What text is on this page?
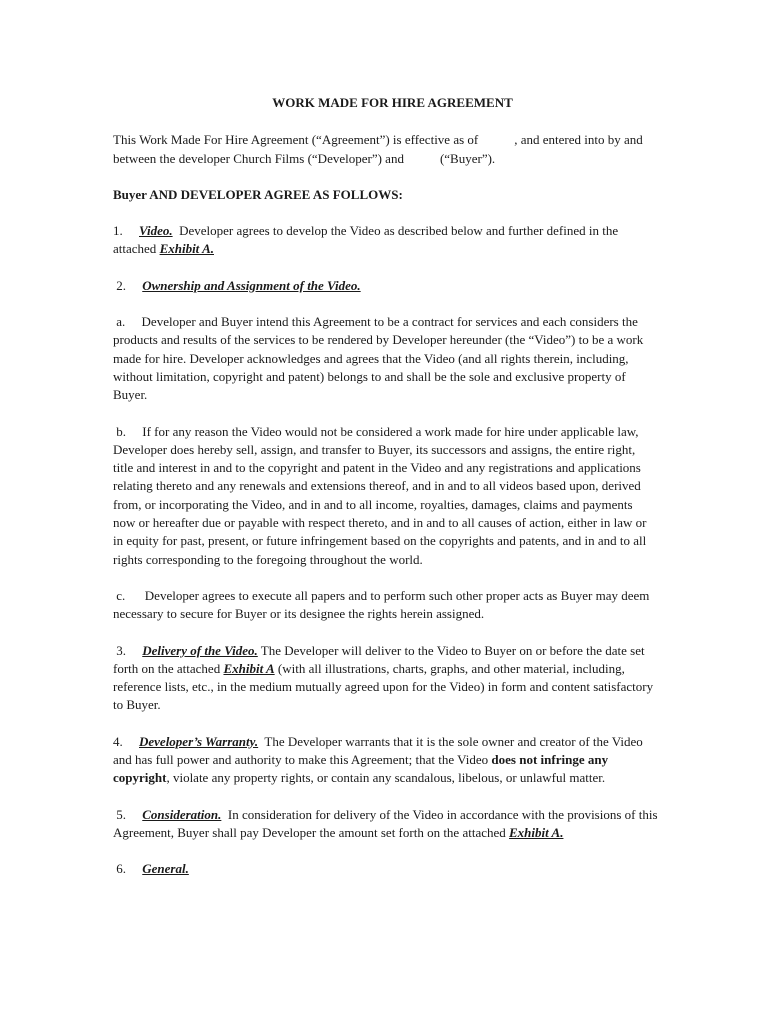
WORK MADE FOR HIRE AGREEMENT

This Work Made For Hire Agreement (“Agreement”) is effective as of	, and entered into by and between the developer Church Films (“Developer”) and	(“Buyer”).

Buyer AND DEVELOPER AGREE AS FOLLOWS:

1. Video. Developer agrees to develop the Video as described below and further defined in the attached Exhibit A.

2. Ownership and Assignment of the Video.

a. Developer and Buyer intend this Agreement to be a contract for services and each considers the products and results of the services to be rendered by Developer hereunder (the “Video”) to be a work made for hire. Developer acknowledges and agrees that the Video (and all rights therein, including, without limitation, copyright and patent) belongs to and shall be the sole and exclusive property of Buyer.

b. If for any reason the Video would not be considered a work made for hire under applicable law, Developer does hereby sell, assign, and transfer to Buyer, its successors and assigns, the entire right, title and interest in and to the copyright and patent in the Video and any registrations and applications relating thereto and any renewals and extensions thereof, and in and to all videos based upon, derived from, or incorporating the Video, and in and to all income, royalties, damages, claims and payments now or hereafter due or payable with respect thereto, and in and to all causes of action, either in law or in equity for past, present, or future infringement based on the copyrights and patents, and in and to all rights corresponding to the foregoing throughout the world.

c. Developer agrees to execute all papers and to perform such other proper acts as Buyer may deem necessary to secure for Buyer or its designee the rights herein assigned.

3. Delivery of the Video. The Developer will deliver to the Video to Buyer on or before the date set forth on the attached Exhibit A (with all illustrations, charts, graphs, and other material, including, reference lists, etc., in the medium mutually agreed upon for the Video) in form and content satisfactory to Buyer.

4. Developer’s Warranty. The Developer warrants that it is the sole owner and creator of the Video and has full power and authority to make this Agreement; that the Video does not infringe any copyright, violate any property rights, or contain any scandalous, libelous, or unlawful matter.

5. Consideration. In consideration for delivery of the Video in accordance with the provisions of this Agreement, Buyer shall pay Developer the amount set forth on the attached Exhibit A.

6. General.
